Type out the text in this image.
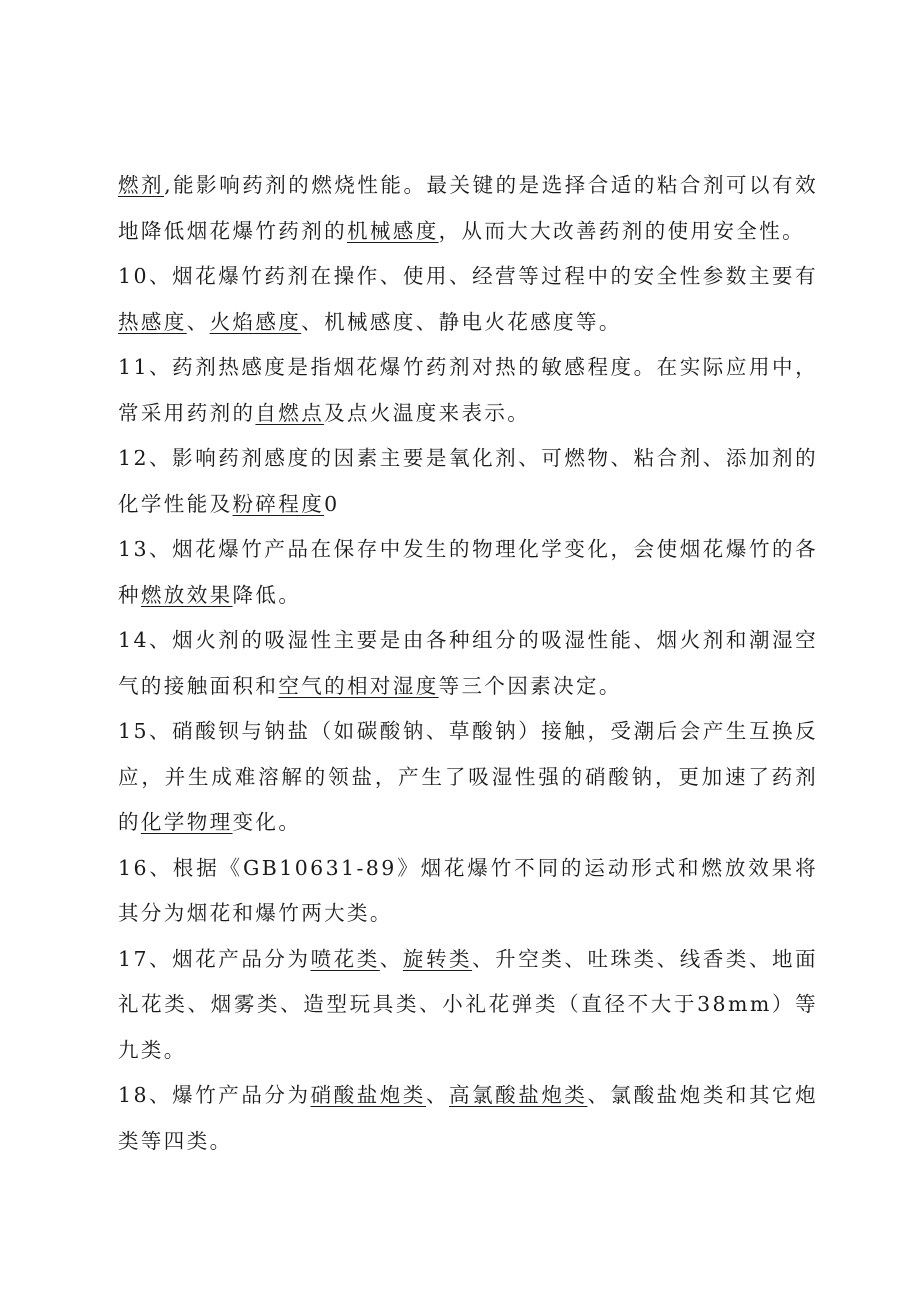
燃剂,能影响药剂的燃烧性能。最关键的是选择合适的粘合剂可以有效地降低烟花爆竹药剂的机械感度，从而大大改善药剂的使用安全性。

10、烟花爆竹药剂在操作、使用、经营等过程中的安全性参数主要有热感度、火焰感度、机械感度、静电火花感度等。

11、药剂热感度是指烟花爆竹药剂对热的敏感程度。在实际应用中，常采用药剂的自燃点及点火温度来表示。

12、影响药剂感度的因素主要是氧化剂、可燃物、粘合剂、添加剂的化学性能及粉碎程度0

13、烟花爆竹产品在保存中发生的物理化学变化，会使烟花爆竹的各种燃放效果降低。

14、烟火剂的吸湿性主要是由各种组分的吸湿性能、烟火剂和潮湿空气的接触面积和空气的相对湿度等三个因素决定。

15、硝酸钡与钠盐（如碳酸钠、草酸钠）接触，受潮后会产生互换反应，并生成难溶解的领盐，产生了吸湿性强的硝酸钠，更加速了药剂的化学物理变化。

16、根据《GB10631-89》烟花爆竹不同的运动形式和燃放效果将其分为烟花和爆竹两大类。

17、烟花产品分为喷花类、旋转类、升空类、吐珠类、线香类、地面礼花类、烟雾类、造型玩具类、小礼花弹类（直径不大于38mm）等九类。

18、爆竹产品分为硝酸盐炮类、高氯酸盐炮类、氯酸盐炮类和其它炮类等四类。
